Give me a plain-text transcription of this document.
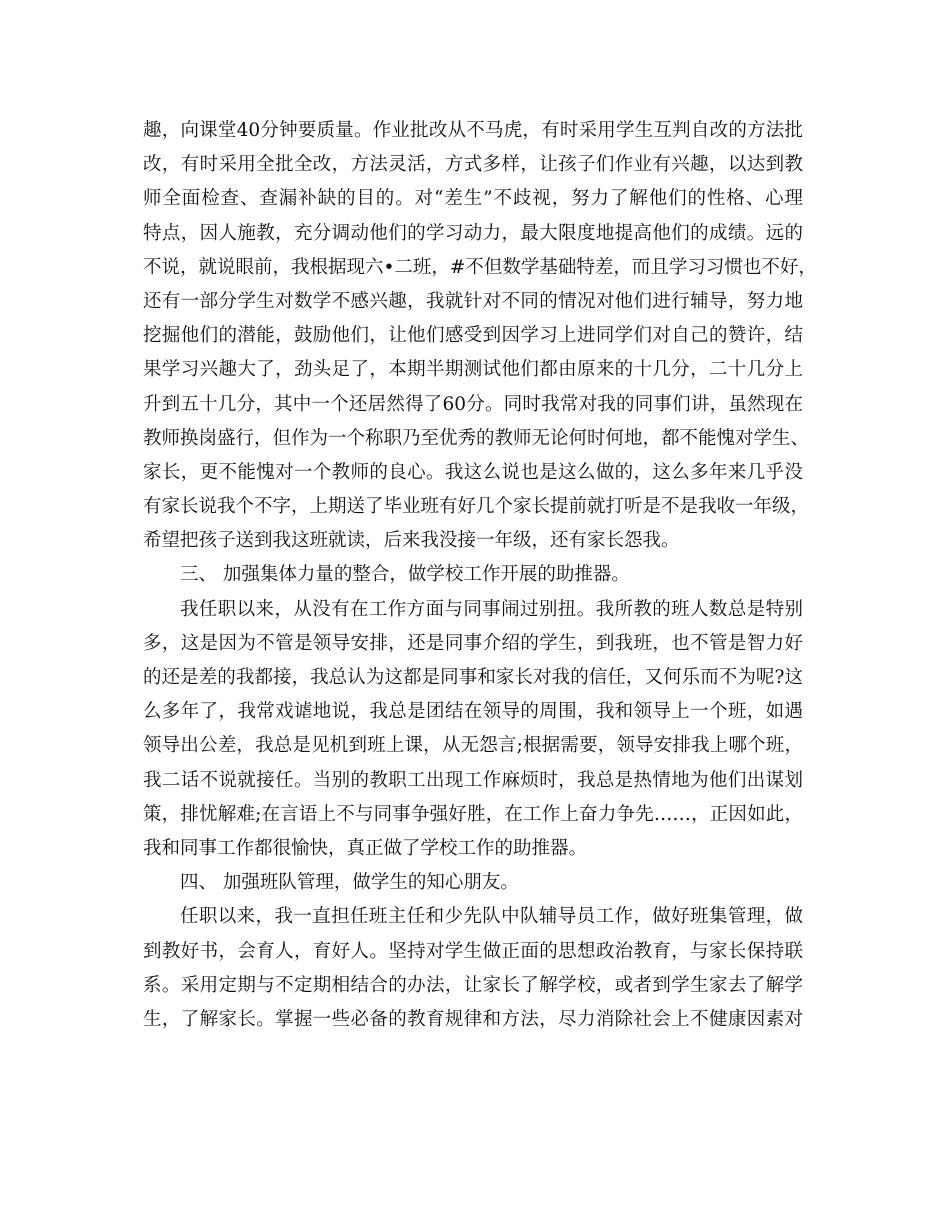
趣，向课堂40分钟要质量。作业批改从不马虎，有时采用学生互判自改的方法批
改，有时采用全批全改，方法灵活，方式多样，让孩子们作业有兴趣，以达到教
师全面检查、查漏补缺的目的。对“差生”不歧视，努力了解他们的性格、心理
特点，因人施教，充分调动他们的学习动力，最大限度地提高他们的成绩。远的
不说，就说眼前，我根据现六•二班，#不但数学基础特差，而且学习习惯也不好，
还有一部分学生对数学不感兴趣，我就针对不同的情况对他们进行辅导，努力地
挖掘他们的潜能，鼓励他们，让他们感受到因学习上进同学们对自己的赞许，结
果学习兴趣大了，劲头足了，本期半期测试他们都由原来的十几分，二十几分上
升到五十几分，其中一个还居然得了60分。同时我常对我的同事们讲，虽然现在
教师换岗盛行，但作为一个称职乃至优秀的教师无论何时何地，都不能愧对学生、
家长，更不能愧对一个教师的良心。我这么说也是这么做的，这么多年来几乎没
有家长说我个不字，上期送了毕业班有好几个家长提前就打听是不是我收一年级，
希望把孩子送到我这班就读，后来我没接一年级，还有家长怨我。
三、 加强集体力量的整合，做学校工作开展的助推器。
我任职以来，从没有在工作方面与同事闹过别扭。我所教的班人数总是特别
多，这是因为不管是领导安排，还是同事介绍的学生，到我班，也不管是智力好
的还是差的我都接，我总认为这都是同事和家长对我的信任，又何乐而不为呢?这
么多年了，我常戏谑地说，我总是团结在领导的周围，我和领导上一个班，如遇
领导出公差，我总是见机到班上课，从无怨言;根据需要，领导安排我上哪个班，
我二话不说就接任。当别的教职工出现工作麻烦时，我总是热情地为他们出谋划
策，排忧解难;在言语上不与同事争强好胜，在工作上奋力争先……，正因如此，
我和同事工作都很愉快，真正做了学校工作的助推器。
四、 加强班队管理，做学生的知心朋友。
任职以来，我一直担任班主任和少先队中队辅导员工作，做好班集管理，做
到教好书，会育人，育好人。坚持对学生做正面的思想政治教育，与家长保持联
系。采用定期与不定期相结合的办法，让家长了解学校，或者到学生家去了解学
生，了解家长。掌握一些必备的教育规律和方法，尽力消除社会上不健康因素对
